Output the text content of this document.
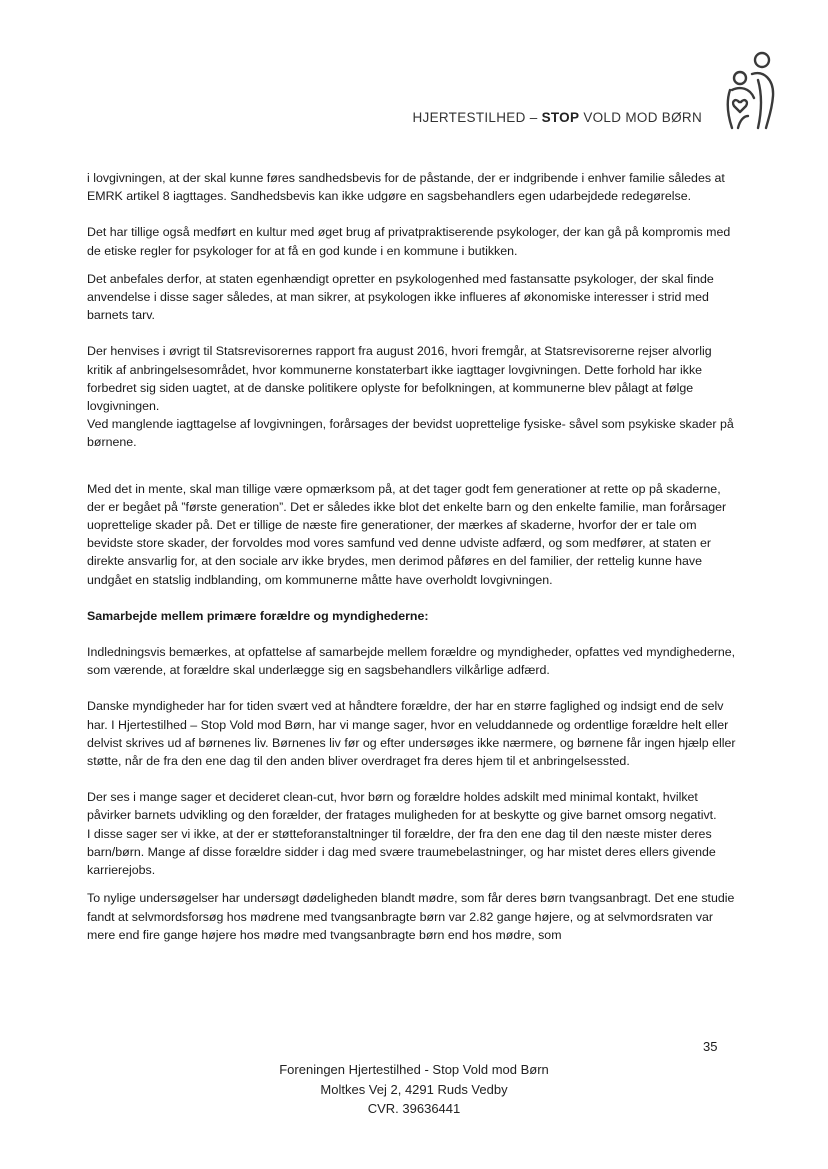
HJERTESTILHED – STOP VOLD MOD BØRN

i lovgivningen, at der skal kunne føres sandhedsbevis for de påstande, der er indgribende i enhver familie således at EMRK artikel 8 iagttages. Sandhedsbevis kan ikke udgøre en sagsbehandlers egen udarbejdede redegørelse.

Det har tillige også medført en kultur med øget brug af privatpraktiserende psykologer, der kan gå på kompromis med de etiske regler for psykologer for at få en god kunde i en kommune i butikken.

Det anbefales derfor, at staten egenhændigt opretter en psykologenhed med fastansatte psykologer, der skal finde anvendelse i disse sager således, at man sikrer, at psykologen ikke influeres af økonomiske interesser i strid med barnets tarv.

Der henvises i øvrigt til Statsrevisorernes rapport fra august 2016, hvori fremgår, at Statsrevisorerne rejser alvorlig kritik af anbringelsesområdet, hvor kommunerne konstaterbart ikke iagttager lovgivningen. Dette forhold har ikke forbedret sig siden uagtet, at de danske politikere oplyste for befolkningen, at kommunerne blev pålagt at følge lovgivningen.

Ved manglende iagttagelse af lovgivningen, forårsages der bevidst uoprettelige fysiske- såvel som psykiske skader på børnene.

Med det in mente, skal man tillige være opmærksom på, at det tager godt fem generationer at rette op på skaderne, der er begået på ”første generation”. Det er således ikke blot det enkelte barn og den enkelte familie, man forårsager uoprettelige skader på. Det er tillige de næste fire generationer, der mærkes af skaderne, hvorfor der er tale om bevidste store skader, der forvoldes mod vores samfund ved denne udviste adfærd, og som medfører, at staten er direkte ansvarlig for, at den sociale arv ikke brydes, men derimod påføres en del familier, der rettelig kunne have undgået en statslig indblanding, om kommunerne måtte have overholdt lovgivningen.

Samarbejde mellem primære forældre og myndighederne:

Indledningsvis bemærkes, at opfattelse af samarbejde mellem forældre og myndigheder, opfattes ved myndighederne, som værende, at forældre skal underlægge sig en sagsbehandlers vilkårlige adfærd.

Danske myndigheder har for tiden svært ved at håndtere forældre, der har en større faglighed og indsigt end de selv har. I Hjertestilhed – Stop Vold mod Børn, har vi mange sager, hvor en veluddannede og ordentlige forældre helt eller delvist skrives ud af børnenes liv. Børnenes liv før og efter undersøges ikke nærmere, og børnene får ingen hjælp eller støtte, når de fra den ene dag til den anden bliver overdraget fra deres hjem til et anbringelsessted.

Der ses i mange sager et decideret clean-cut, hvor børn og forældre holdes adskilt med minimal kontakt, hvilket påvirker barnets udvikling og den forælder, der fratages muligheden for at beskytte og give barnet omsorg negativt.

I disse sager ser vi ikke, at der er støtteforanstaltninger til forældre, der fra den ene dag til den næste mister deres barn/børn. Mange af disse forældre sidder i dag med svære traumebelastninger, og har mistet deres ellers givende karrierejobs.

To nylige undersøgelser har undersøgt dødeligheden blandt mødre, som får deres børn tvangsanbragt. Det ene studie fandt at selvmordsforsøg hos mødrene med tvangsanbragte børn var 2.82 gange højere, og at selvmordsraten var mere end fire gange højere hos mødre med tvangsanbragte børn end hos mødre, som

35
Foreningen Hjertestilhed - Stop Vold mod Børn
Moltkes Vej 2, 4291 Ruds Vedby
CVR. 39636441
